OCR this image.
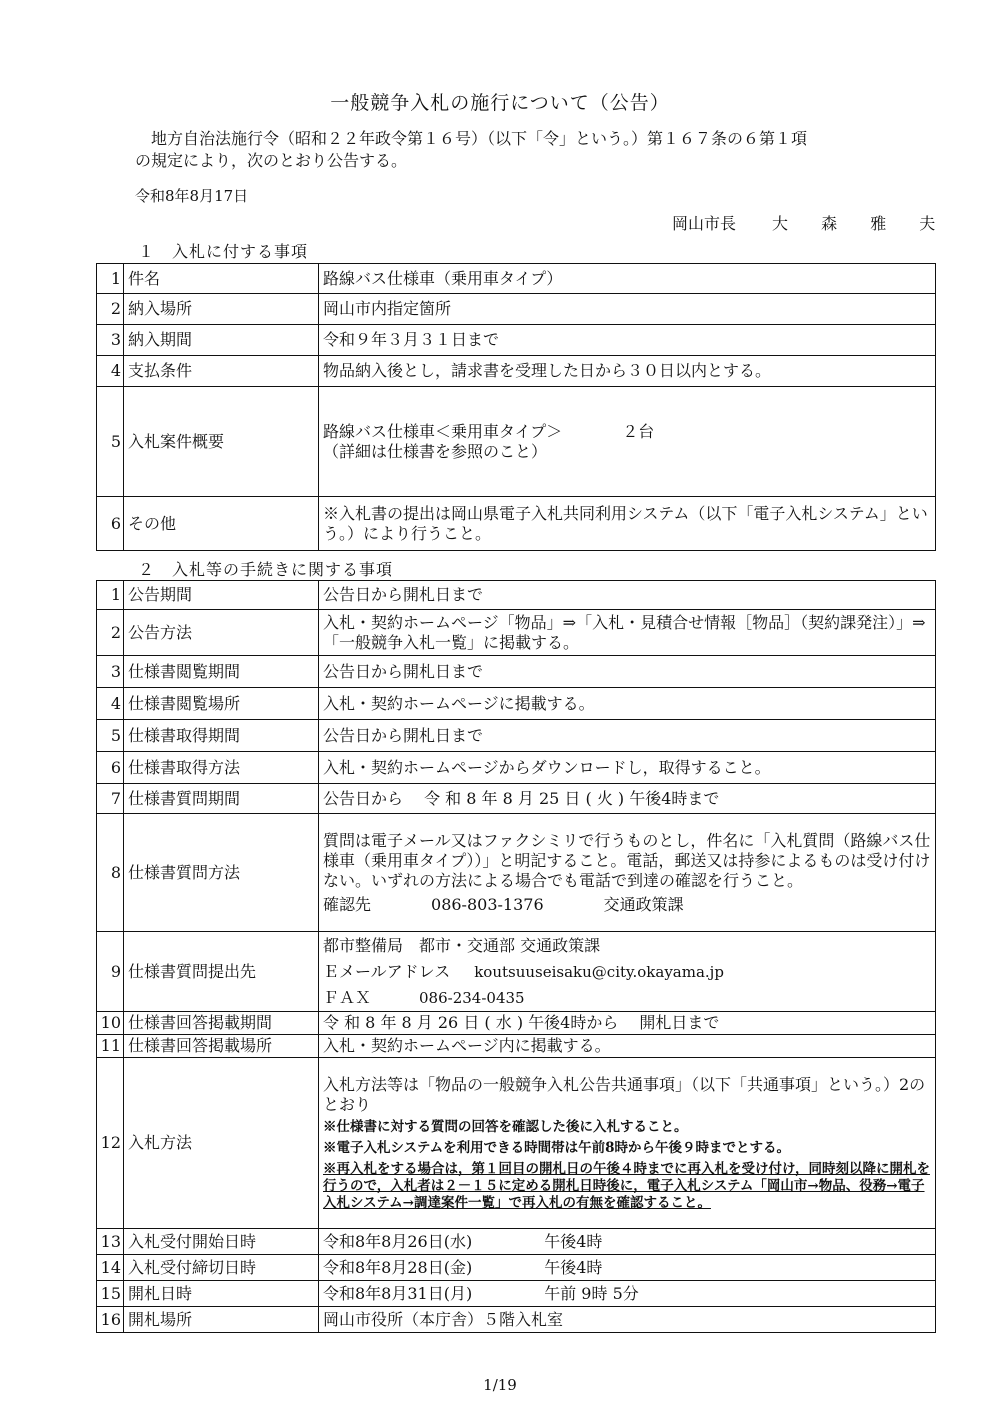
一般競争入札の施行について（公告）
地方自治法施行令（昭和２２年政令第１６号）（以下「令」という。）第１６７条の６第１項
の規定により，次のとおり公告する。
令和8年8月17日
岡山市長 大 森 雅 夫
１　入札に付する事項
1	件名	路線バス仕様車（乗用車タイプ）
2	納入場所	岡山市内指定箇所
3	納入期間	令和９年３月３１日まで
4	支払条件	物品納入後とし，請求書を受理した日から３０日以内とする。
5	入札案件概要	路線バス仕様車＜乗用車タイプ＞ ２台
（詳細は仕様書を参照のこと）

6	その他	※入札書の提出は岡山県電子入札共同利用システム（以下「電子入札システム」という。）により行うこと。
２　入札等の手続きに関する事項
1	公告期間	公告日から開札日まで
2	公告方法	入札・契約ホームページ「物品」⇒「入札・見積合せ情報［物品］（契約課発注）」⇒ 「一般競争入札一覧」に掲載する。
3	仕様書閲覧期間	公告日から開札日まで
4	仕様書閲覧場所	入札・契約ホームページに掲載する。
5	仕様書取得期間	公告日から開札日まで
6	仕様書取得方法	入札・契約ホームページからダウンロードし，取得すること。
7	仕様書質問期間	公告日から　 令 和 8 年 8 月 25 日 ( 火 ) 午後4時まで
8	仕様書質問方法	質問は電子メール又はファクシミリで行うものとし，件名に「入札質問（路線バス仕様車（乗用車タイプ））」と明記すること。電話，郵送又は持参によるものは受け付けない。いずれの方法による場合でも電話で到達の確認を行うこと。
確認先 086-803-1376 交通政策課

9	仕様書質問提出先	都市整備局　都市・交通部 交通政策課
Ｅメールアドレス koutsuuseisaku@city.okayama.jp
ＦＡＸ 086-234-0435

10	仕様書回答掲載期間	令 和 8 年 8 月 26 日 ( 水 ) 午後4時から　 開札日まで
11	仕様書回答掲載場所	入札・契約ホームページ内に掲載する。
12	入札方法	入札方法等は「物品の一般競争入札公告共通事項」（以下「共通事項」という。）2のとおり
※仕様書に対する質問の回答を確認した後に入札すること。
※電子入札システムを利用できる時間帯は午前8時から午後９時までとする。
※再入札をする場合は，第１回目の開札日の午後４時までに再入札を受け付け，同時刻以降に開札を行うので，入札者は２－１５に定める開札日時後に，電子入札システム「岡山市→物品、役務→電子入札システム→調達案件一覧」で再入札の有無を確認すること。

13	入札受付開始日時	令和8年8月26日(水) 午後4時
14	入札受付締切日時	令和8年8月28日(金) 午後4時
15	開札日時	令和8年8月31日(月) 午前 9時 5分
16	開札場所	岡山市役所（本庁舎）５階入札室
1/19
